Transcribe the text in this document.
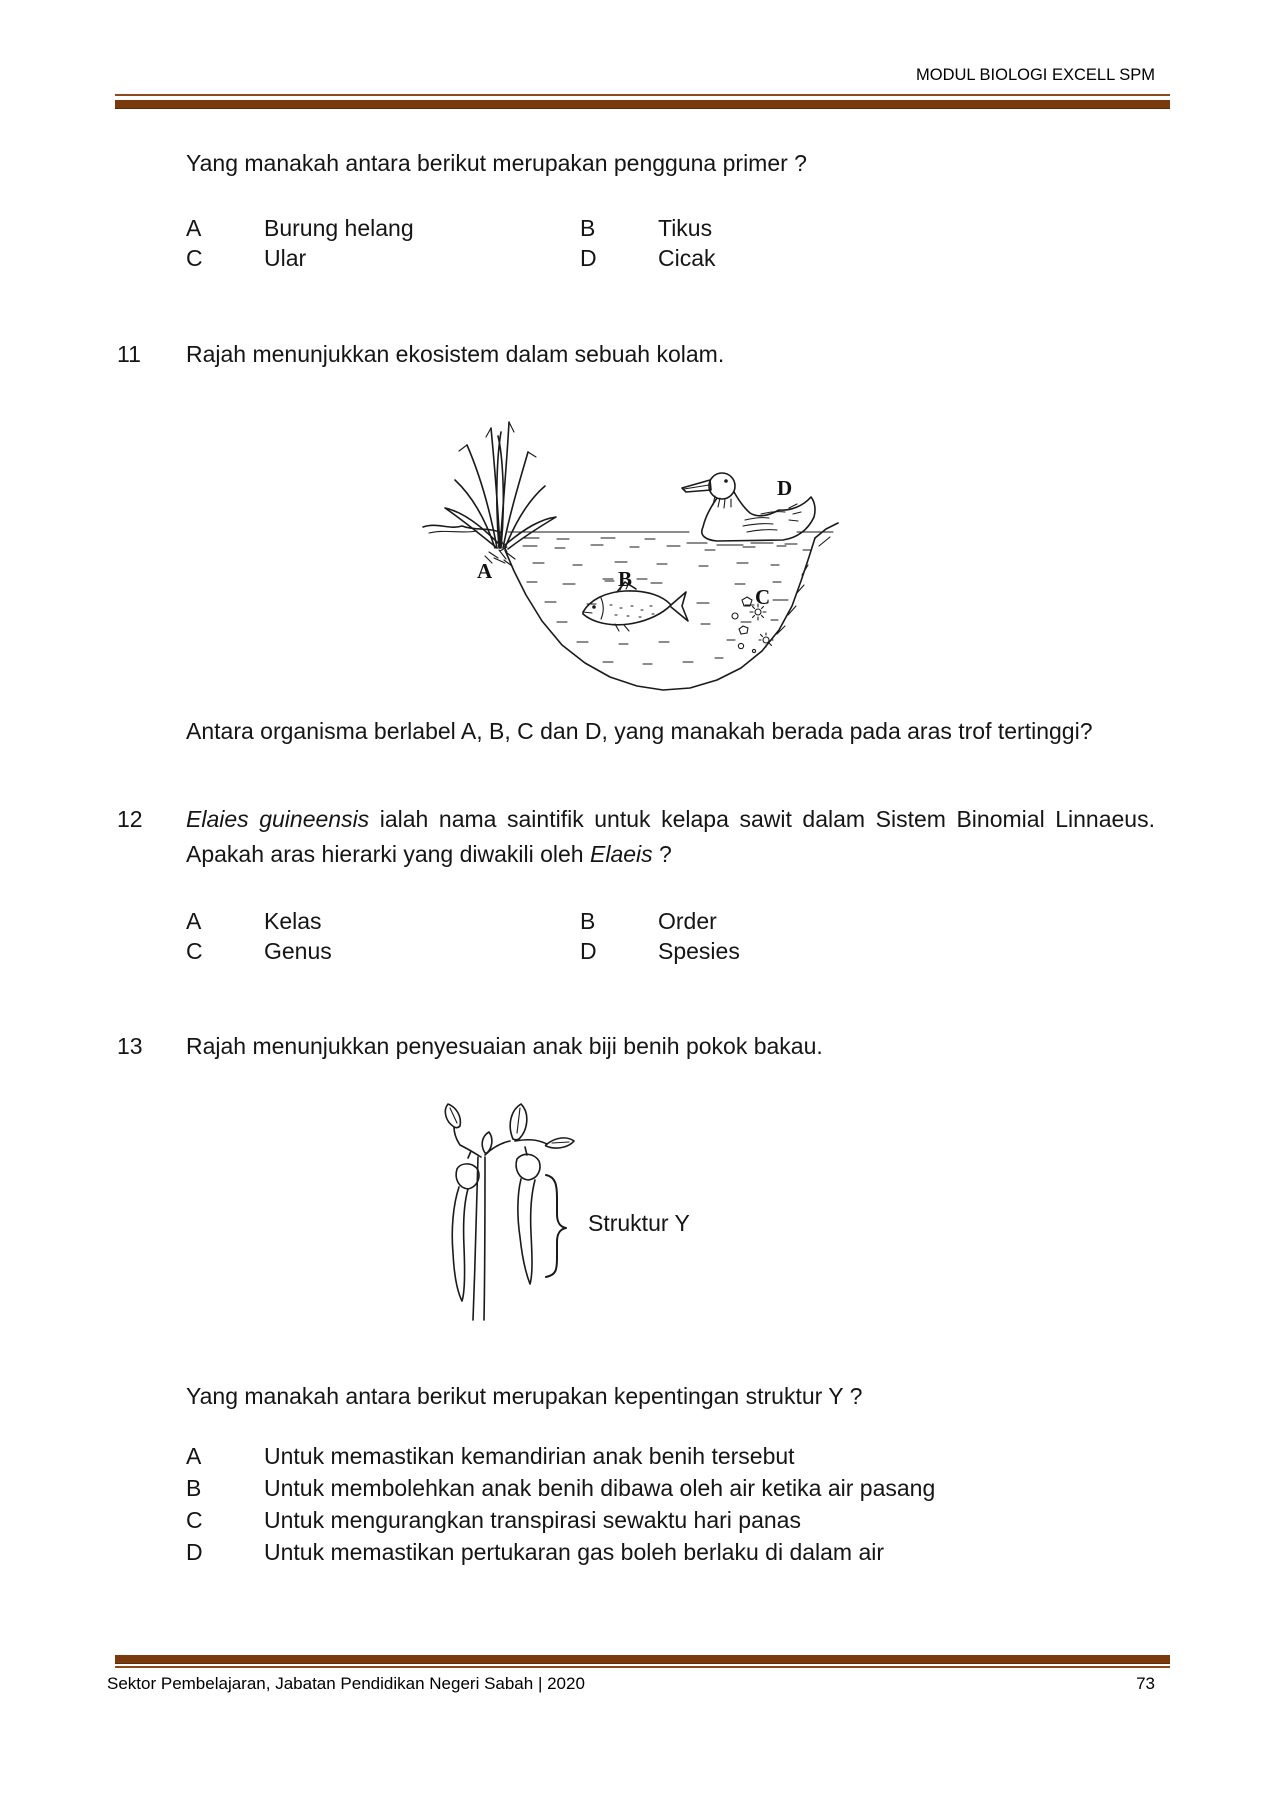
MODUL BIOLOGI EXCELL SPM
Yang manakah antara berikut merupakan pengguna primer ?
A	Burung helang	B	Tikus
C	Ular	D	Cicak
11 Rajah menunjukkan ekosistem dalam sebuah kolam.
A
D
B
C
Antara organisma berlabel A, B, C dan D, yang manakah berada pada aras trof tertinggi?
12 Elaies guineensis ialah nama saintifik untuk kelapa sawit dalam Sistem Binomial Linnaeus.
Apakah aras hierarki yang diwakili oleh Elaeis ?
A	Kelas	B	Order
C	Genus	D	Spesies
13 Rajah menunjukkan penyesuaian anak biji benih pokok bakau.
Struktur Y
Yang manakah antara berikut merupakan kepentingan struktur Y ?
A	Untuk memastikan kemandirian anak benih tersebut
B	Untuk membolehkan anak benih dibawa oleh air ketika air pasang
C	Untuk mengurangkan transpirasi sewaktu hari panas
D	Untuk memastikan pertukaran gas boleh berlaku di dalam air
Sektor Pembelajaran, Jabatan Pendidikan Negeri Sabah | 2020	73
